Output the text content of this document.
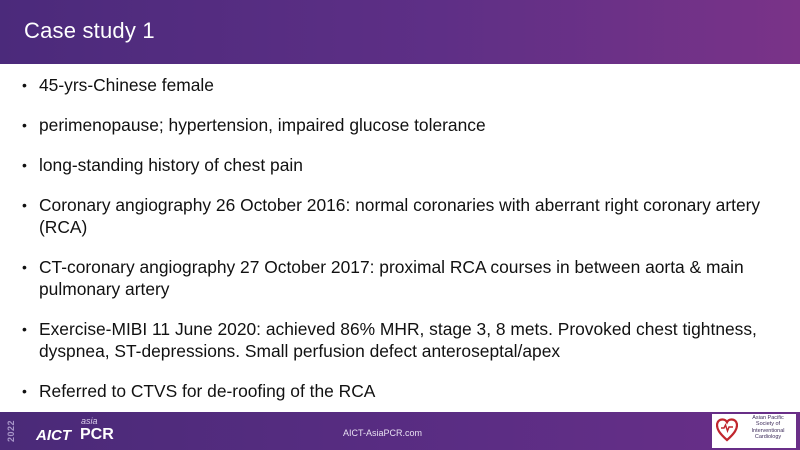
Case study 1
• 45-yrs-Chinese female
• perimenopause; hypertension, impaired glucose tolerance
• long-standing history of chest pain
• Coronary angiography 26 October 2016: normal coronaries with aberrant right coronary artery (RCA)
• CT-coronary angiography 27 October 2017: proximal RCA courses in between aorta & main pulmonary artery
• Exercise-MIBI 11 June 2020: achieved 86% MHR, stage 3, 8 mets. Provoked chest tightness, dyspnea, ST-depressions. Small perfusion defect anteroseptal/apex
• Referred to CTVS for de-roofing of the RCA
2022 AICT
asia
PCR	AICT-AsiaPCR.com
Asian Pacific
Society of
Interventional
Cardiology
